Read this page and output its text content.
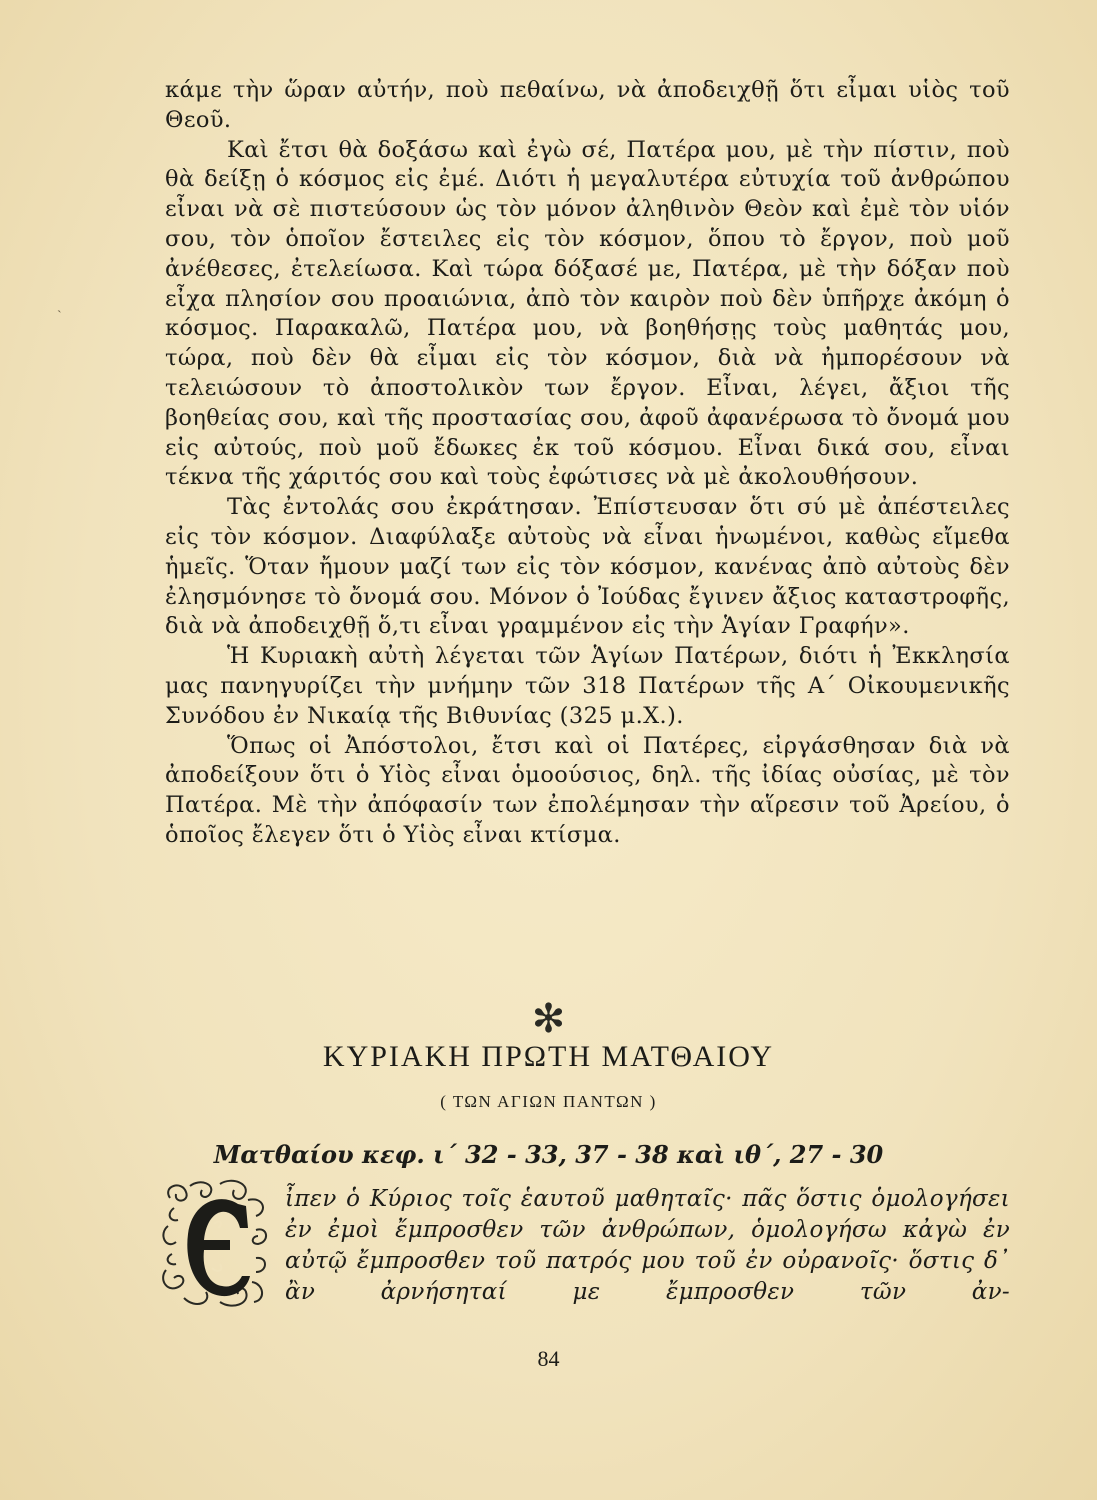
˴

κάμε τὴν ὥραν αὐτήν, ποὺ πεθαίνω, νὰ ἀποδειχθῇ ὅτι εἶμαι υἱὸς τοῦ Θεοῦ.

Καὶ ἔτσι θὰ δοξάσω καὶ ἐγὼ σέ, Πατέρα μου, μὲ τὴν πίστιν, ποὺ θὰ δείξῃ ὁ κόσμος εἰς ἐμέ. Διότι ἡ μεγαλυτέρα εὐτυχία τοῦ ἀνθρώπου εἶναι νὰ σὲ πιστεύσουν ὡς τὸν μόνον ἀληθινὸν Θεὸν καὶ ἐμὲ τὸν υἱόν σου, τὸν ὁποῖον ἔστειλες εἰς τὸν κόσμον, ὅπου τὸ ἔργον, ποὺ μοῦ ἀνέθεσες, ἐτελείωσα. Καὶ τώρα δόξασέ με, Πατέρα, μὲ τὴν δόξαν ποὺ εἶχα πλησίον σου προαιώνια, ἀπὸ τὸν καιρὸν ποὺ δὲν ὑπῆρχε ἀκόμη ὁ κόσμος. Παρακαλῶ, Πατέρα μου, νὰ βοηθήσῃς τοὺς μαθητάς μου, τώρα, ποὺ δὲν θὰ εἶμαι εἰς τὸν κόσμον, διὰ νὰ ἠμπορέσουν νὰ τελειώσουν τὸ ἀποστολικὸν των ἔργον. Εἶναι, λέγει, ἄξιοι τῆς βοηθείας σου, καὶ τῆς προστασίας σου, ἀφοῦ ἀφανέρωσα τὸ ὄνομά μου εἰς αὐτούς, ποὺ μοῦ ἔδωκες ἐκ τοῦ κόσμου. Εἶναι δικά σου, εἶναι τέκνα τῆς χάριτός σου καὶ τοὺς ἐφώτισες νὰ μὲ ἀκολουθήσουν.

Τὰς ἐντολάς σου ἐκράτησαν. Ἐπίστευσαν ὅτι σύ μὲ ἀπέστειλες εἰς τὸν κόσμον. Διαφύλαξε αὐτοὺς νὰ εἶναι ἡνωμένοι, καθὼς εἴμεθα ἡμεῖς. Ὅταν ἤμουν μαζί των εἰς τὸν κόσμον, κανένας ἀπὸ αὐτοὺς δὲν ἐλησμόνησε τὸ ὄνομά σου. Μόνον ὁ Ἰούδας ἔγινεν ἄξιος καταστροφῆς, διὰ νὰ ἀποδειχθῇ ὅ,τι εἶναι γραμμένον εἰς τὴν Ἁγίαν Γραφήν».

Ἡ Κυριακὴ αὐτὴ λέγεται τῶν Ἁγίων Πατέρων, διότι ἡ Ἐκκλησία μας πανηγυρίζει τὴν μνήμην τῶν 318 Πατέρων τῆς Α΄ Οἰκουμενικῆς Συνόδου ἐν Νικαίᾳ τῆς Βιθυνίας (325 μ.Χ.).

Ὅπως οἱ Ἀπόστολοι, ἔτσι καὶ οἱ Πατέρες, εἰργάσθησαν διὰ νὰ ἀποδείξουν ὅτι ὁ Υἱὸς εἶναι ὁμοούσιος, δηλ. τῆς ἰδίας οὐσίας, μὲ τὸν Πατέρα. Μὲ τὴν ἀπόφασίν των ἐπολέμησαν τὴν αἵρεσιν τοῦ Ἀρείου, ὁ ὁποῖος ἔλεγεν ὅτι ὁ Υἱὸς εἶναι κτίσμα.

✻
ΚΥΡΙΑΚΗ ΠΡΩΤΗ ΜΑΤΘΑΙΟΥ
( ΤΩΝ ΑΓΙΩΝ ΠΑΝΤΩΝ )
Ματθαίου κεφ. ι΄ 32 - 33, 37 - 38 καὶ ιθ΄, 27 - 30

ἶπεν ὁ Κύριος τοῖς ἑαυτοῦ μαθηταῖς· πᾶς ὅστις ὁμολογήσει ἐν ἐμοὶ ἔμπροσθεν τῶν ἀνθρώπων, ὁμολογήσω κἀγὼ ἐν αὐτῷ ἔμπροσθεν τοῦ πατρός μου τοῦ ἐν οὐρανοῖς· ὅστις δ᾽ ἂν ἀρνήσηταί με ἔμπροσθεν τῶν ἀν-

84
